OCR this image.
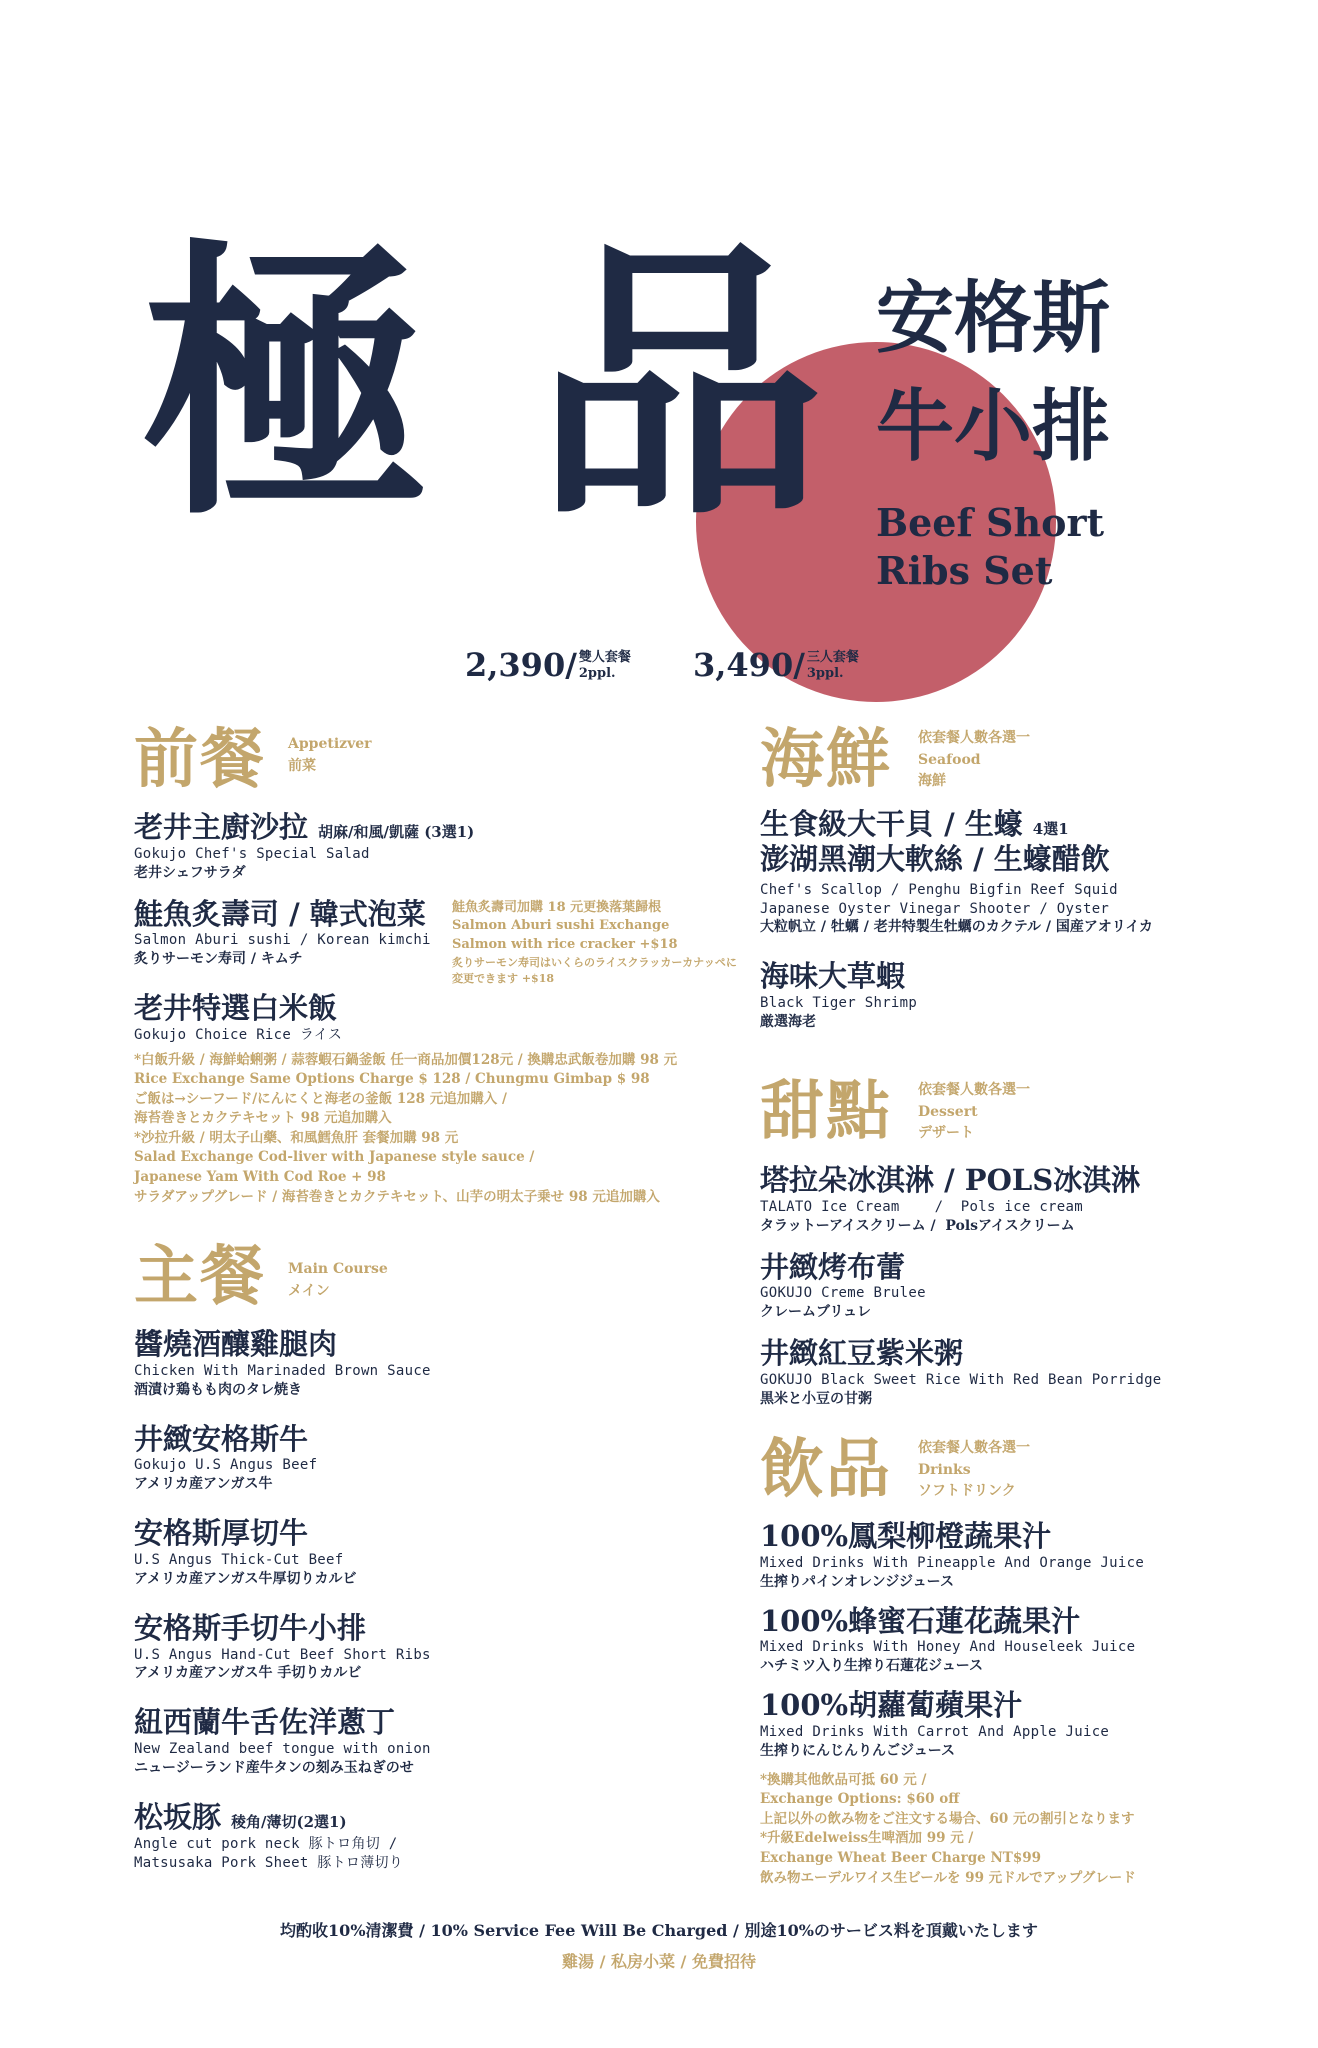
極 品 安格斯
牛小排
Beef Short
Ribs Set
2,390/ 雙人套餐
2ppl.	3,490/ 三人套餐
3ppl.
前餐 Appetizver
前菜
老井主廚沙拉 胡麻/和風/凱薩 (3選1)
Gokujo Chef's Special Salad
老井シェフサラダ
鮭魚炙壽司 / 韓式泡菜
Salmon Aburi sushi / Korean kimchi
炙りサーモン寿司 / キムチ
鮭魚炙壽司加購 18 元更換落葉歸根
Salmon Aburi sushi Exchange
Salmon with rice cracker +$18
炙りサーモン寿司はいくらのライスクラッカーカナッペに
変更できます +$18
老井特選白米飯
Gokujo Choice Rice ライス
*白飯升級 / 海鮮蛤蜊粥 / 蒜蓉蝦石鍋釜飯 任一商品加價128元 / 換購忠武飯卷加購 98 元
Rice Exchange Same Options Charge $ 128 / Chungmu Gimbap $ 98
ご飯は→シーフード/にんにくと海老の釜飯 128 元追加購入 /
海苔巻きとカクテキセット 98 元追加購入
*沙拉升級 / 明太子山藥、和風鱈魚肝 套餐加購 98 元
Salad Exchange Cod-liver with Japanese style sauce /
Japanese Yam With Cod Roe + 98
サラダアップグレード / 海苔巻きとカクテキセット、山芋の明太子乗せ 98 元追加購入
主餐 Main Course
メイン
醬燒酒釀雞腿肉
Chicken With Marinaded Brown Sauce
酒漬け鶏もも肉のタレ焼き
井緻安格斯牛
Gokujo U.S Angus Beef
アメリカ産アンガス牛
安格斯厚切牛
U.S Angus Thick-Cut Beef
アメリカ産アンガス牛厚切りカルビ
安格斯手切牛小排
U.S Angus Hand-Cut Beef Short Ribs
アメリカ産アンガス牛 手切りカルビ
紐西蘭牛舌佐洋蔥丁
New Zealand beef tongue with onion
ニュージーランド産牛タンの刻み玉ねぎのせ
松坂豚 稜角/薄切(2選1)
Angle cut pork neck 豚トロ角切 /
Matsusaka Pork Sheet 豚トロ薄切り
海鮮 依套餐人數各選一
Seafood
海鮮
生食級大干貝 / 生蠔 4選1
澎湖黑潮大軟絲 / 生蠔醋飲
Chef's Scallop / Penghu Bigfin Reef Squid
Japanese Oyster Vinegar Shooter / Oyster
大粒帆立 / 牡蠣 / 老井特製生牡蠣のカクテル / 国産アオリイカ
海味大草蝦
Black Tiger Shrimp
厳選海老
甜點 依套餐人數各選一
Dessert
デザート
塔拉朵冰淇淋 / POLS冰淇淋
TALATO Ice Cream    /  Pols ice cream
タラットーアイスクリーム /  Polsアイスクリーム
井緻烤布蕾
GOKUJO Creme Brulee
クレームブリュレ
井緻紅豆紫米粥
GOKUJO Black Sweet Rice With Red Bean Porridge
黒米と小豆の甘粥
飲品 依套餐人數各選一
Drinks
ソフトドリンク
100%鳳梨柳橙蔬果汁
Mixed Drinks With Pineapple And Orange Juice
生搾りパインオレンジジュース
100%蜂蜜石蓮花蔬果汁
Mixed Drinks With Honey And Houseleek Juice
ハチミツ入り生搾り石蓮花ジュース
100%胡蘿蔔蘋果汁
Mixed Drinks With Carrot And Apple Juice
生搾りにんじんりんごジュース
*換購其他飲品可抵 60 元 /
Exchange Options: $60 off
上記以外の飲み物をご注文する場合、60 元の割引となります
*升級Edelweiss生啤酒加 99 元 /
Exchange Wheat Beer Charge NT$99
飲み物エーデルワイス生ビールを 99 元ドルでアップグレード
均酌收10%清潔費 / 10% Service Fee Will Be Charged / 別途10%のサービス料を頂戴いたします
雞湯 / 私房小菜 / 免費招待
